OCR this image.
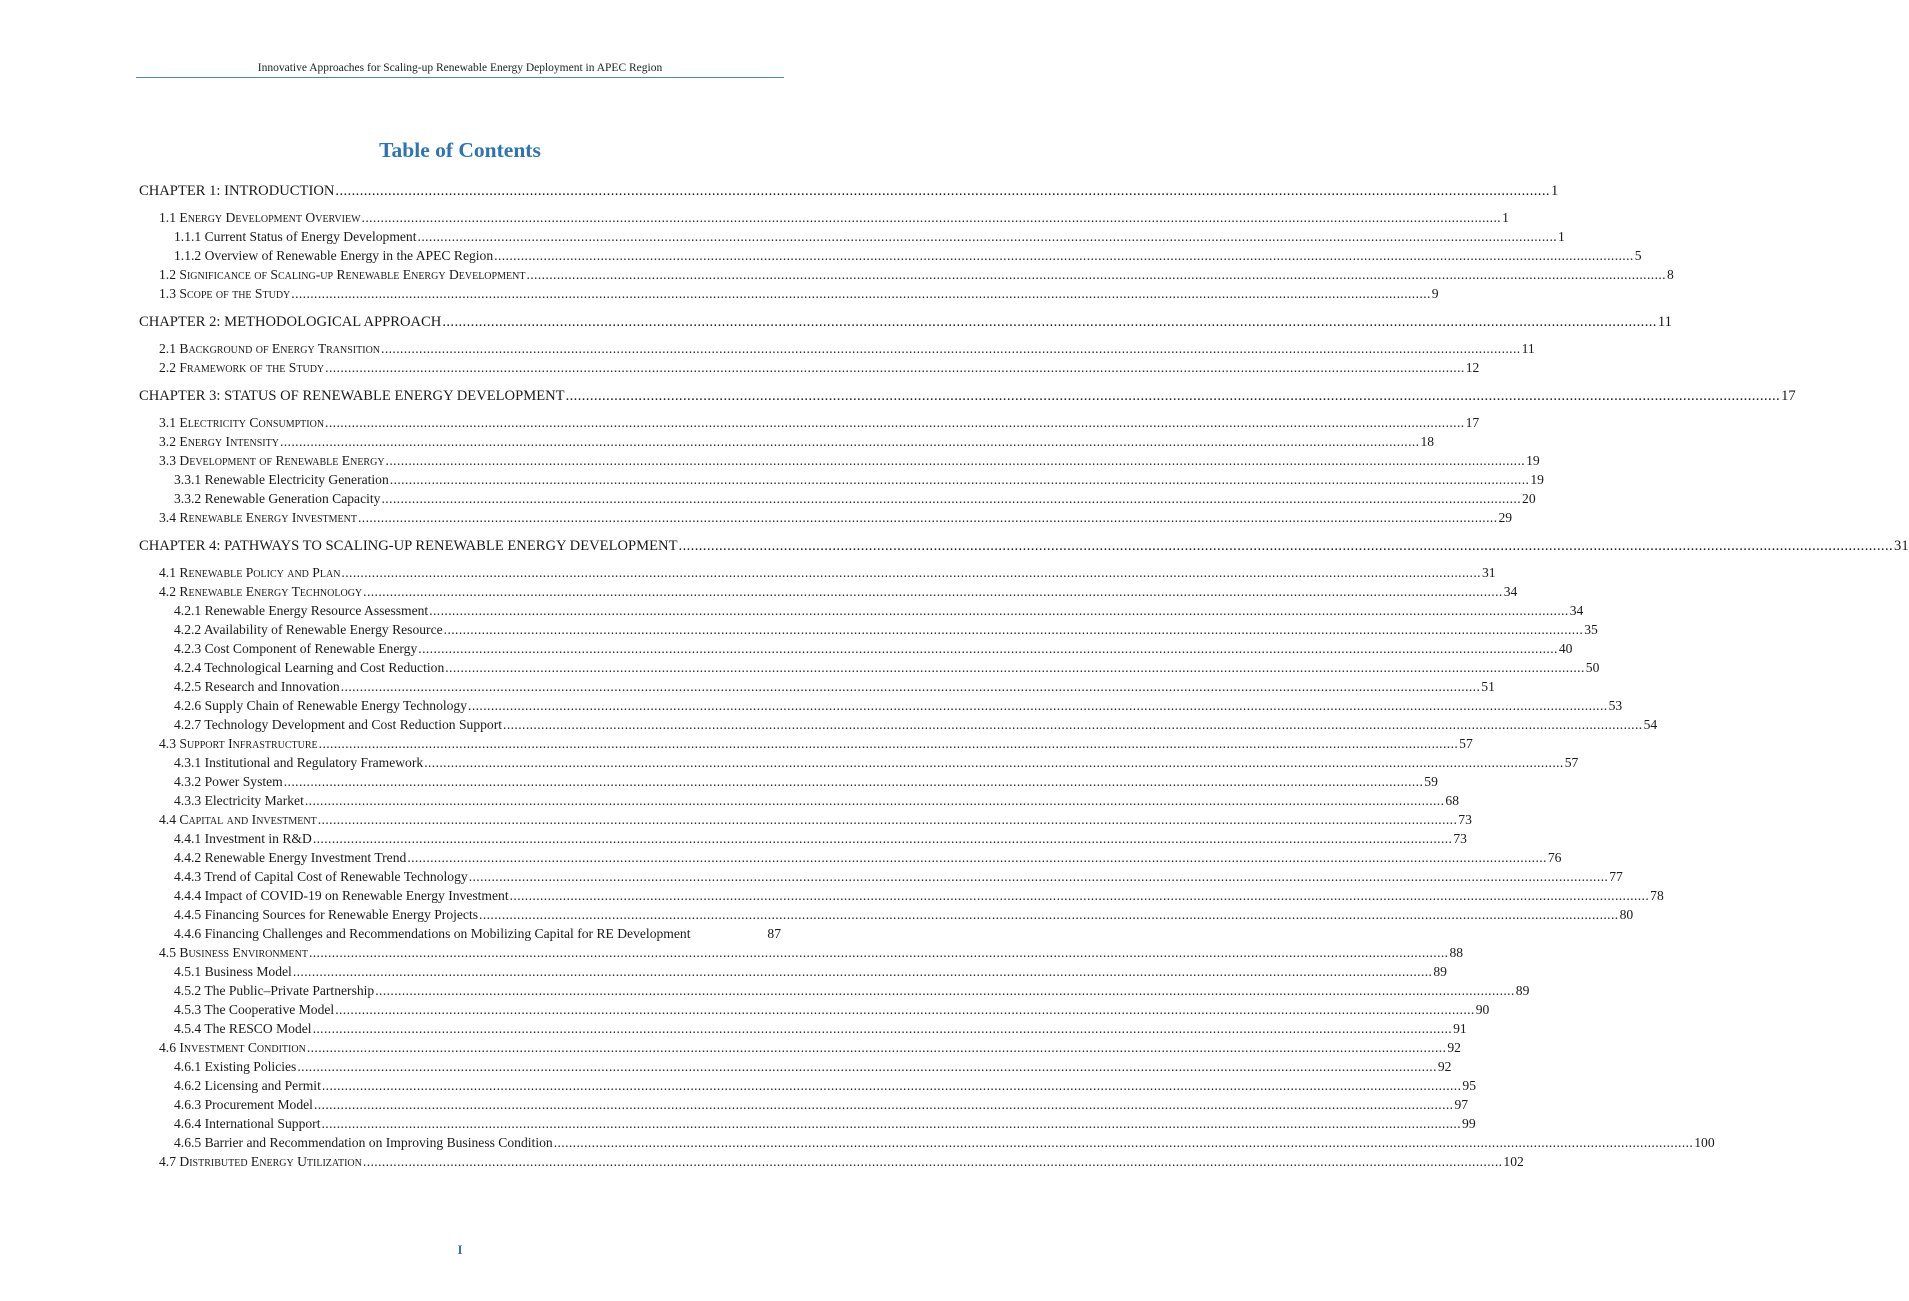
Innovative Approaches for Scaling-up Renewable Energy Deployment in APEC Region
Table of Contents
CHAPTER 1: INTRODUCTION ............................................................................................................................................................................................................................................................................................................ 1
1.1 Energy Development Overview ............................................................................................................................................................................................................................................................................................................ 1
1.1.1 Current Status of Energy Development ............................................................................................................................................................................................................................................................................................................ 1
1.1.2 Overview of Renewable Energy in the APEC Region ............................................................................................................................................................................................................................................................................................................ 5
1.2 Significance of Scaling-up Renewable Energy Development ............................................................................................................................................................................................................................................................................................................ 8
1.3 Scope of the Study ............................................................................................................................................................................................................................................................................................................ 9
CHAPTER 2: METHODOLOGICAL APPROACH ............................................................................................................................................................................................................................................................................................................ 11
2.1 Background of Energy Transition ............................................................................................................................................................................................................................................................................................................ 11
2.2 Framework of the Study ............................................................................................................................................................................................................................................................................................................ 12
CHAPTER 3: STATUS OF RENEWABLE ENERGY DEVELOPMENT ............................................................................................................................................................................................................................................................................................................ 17
3.1 Electricity Consumption ............................................................................................................................................................................................................................................................................................................ 17
3.2 Energy Intensity ............................................................................................................................................................................................................................................................................................................ 18
3.3 Development of Renewable Energy ............................................................................................................................................................................................................................................................................................................ 19
3.3.1 Renewable Electricity Generation ............................................................................................................................................................................................................................................................................................................ 19
3.3.2 Renewable Generation Capacity ............................................................................................................................................................................................................................................................................................................ 20
3.4 Renewable Energy Investment ............................................................................................................................................................................................................................................................................................................ 29
CHAPTER 4: PATHWAYS TO SCALING-UP RENEWABLE ENERGY DEVELOPMENT ............................................................................................................................................................................................................................................................................................................ 31
4.1 Renewable Policy and Plan ............................................................................................................................................................................................................................................................................................................ 31
4.2 Renewable Energy Technology ............................................................................................................................................................................................................................................................................................................ 34
4.2.1 Renewable Energy Resource Assessment ............................................................................................................................................................................................................................................................................................................ 34
4.2.2 Availability of Renewable Energy Resource ............................................................................................................................................................................................................................................................................................................ 35
4.2.3 Cost Component of Renewable Energy ............................................................................................................................................................................................................................................................................................................ 40
4.2.4 Technological Learning and Cost Reduction ............................................................................................................................................................................................................................................................................................................ 50
4.2.5 Research and Innovation ............................................................................................................................................................................................................................................................................................................ 51
4.2.6 Supply Chain of Renewable Energy Technology ............................................................................................................................................................................................................................................................................................................ 53
4.2.7 Technology Development and Cost Reduction Support ............................................................................................................................................................................................................................................................................................................ 54
4.3 Support Infrastructure ............................................................................................................................................................................................................................................................................................................ 57
4.3.1 Institutional and Regulatory Framework ............................................................................................................................................................................................................................................................................................................ 57
4.3.2 Power System ............................................................................................................................................................................................................................................................................................................ 59
4.3.3 Electricity Market ............................................................................................................................................................................................................................................................................................................ 68
4.4 Capital and Investment ............................................................................................................................................................................................................................................................................................................ 73
4.4.1 Investment in R&D ............................................................................................................................................................................................................................................................................................................ 73
4.4.2 Renewable Energy Investment Trend ............................................................................................................................................................................................................................................................................................................ 76
4.4.3 Trend of Capital Cost of Renewable Technology ............................................................................................................................................................................................................................................................................................................ 77
4.4.4 Impact of COVID-19 on Renewable Energy Investment ............................................................................................................................................................................................................................................................................................................ 78
4.4.5 Financing Sources for Renewable Energy Projects ............................................................................................................................................................................................................................................................................................................ 80
4.4.6 Financing Challenges and Recommendations on Mobilizing Capital for RE Development	87
4.5 Business Environment ............................................................................................................................................................................................................................................................................................................ 88
4.5.1 Business Model ............................................................................................................................................................................................................................................................................................................ 89
4.5.2 The Public–Private Partnership ............................................................................................................................................................................................................................................................................................................ 89
4.5.3 The Cooperative Model ............................................................................................................................................................................................................................................................................................................ 90
4.5.4 The RESCO Model ............................................................................................................................................................................................................................................................................................................ 91
4.6 Investment Condition ............................................................................................................................................................................................................................................................................................................ 92
4.6.1 Existing Policies ............................................................................................................................................................................................................................................................................................................ 92
4.6.2 Licensing and Permit ............................................................................................................................................................................................................................................................................................................ 95
4.6.3 Procurement Model ............................................................................................................................................................................................................................................................................................................ 97
4.6.4 International Support ............................................................................................................................................................................................................................................................................................................ 99
4.6.5 Barrier and Recommendation on Improving Business Condition ............................................................................................................................................................................................................................................................................................................ 100
4.7 Distributed Energy Utilization ............................................................................................................................................................................................................................................................................................................ 102
I
